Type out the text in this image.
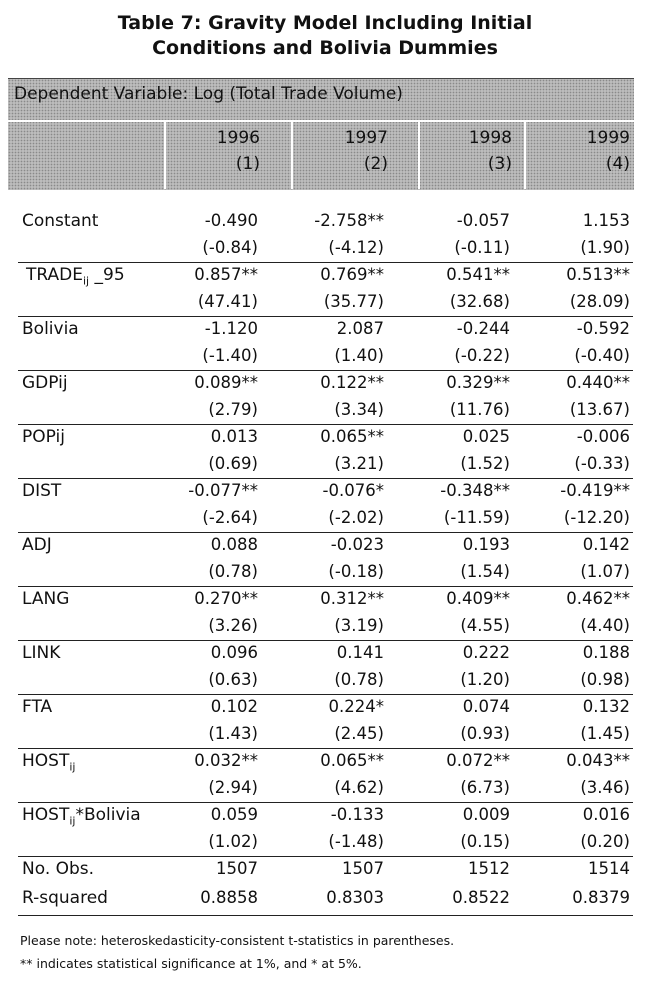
Table 7: Gravity Model Including Initial
Conditions and Bolivia Dummies
Dependent Variable: Log (Total Trade Volume)
Please note: heteroskedasticity-consistent t-statistics in parentheses.
** indicates statistical significance at 1%, and * at 5%.
1996	1997	1998	1999
(1)	(2)	(3)	(4)
Constant	-0.490	-2.758**	-0.057	1.153
(-0.84)	(-4.12)	(-0.11)	(1.90)
$TRADE_{ij}$ _95	0.857**	0.769**	0.541**	0.513**
(47.41)	(35.77)	(32.68)	(28.09)
Bolivia	-1.120	2.087	-0.244	-0.592
(-1.40)	(1.40)	(-0.22)	(-0.40)
GDPij	0.089**	0.122**	0.329**	0.440**
(2.79)	(3.34)	(11.76)	(13.67)
POPij	0.013	0.065**	0.025	-0.006
(0.69)	(3.21)	(1.52)	(-0.33)
DIST	-0.077**	-0.076*	-0.348**	-0.419**
(-2.64)	(-2.02)	(-11.59)	(-12.20)
ADJ	0.088	-0.023	0.193	0.142
(0.78)	(-0.18)	(1.54)	(1.07)
LANG	0.270**	0.312**	0.409**	0.462**
(3.26)	(3.19)	(4.55)	(4.40)
LINK	0.096	0.141	0.222	0.188
(0.63)	(0.78)	(1.20)	(0.98)
FTA	0.102	0.224*	0.074	0.132
(1.43)	(2.45)	(0.93)	(1.45)
$HOST_{ij}$	0.032**	0.065**	0.072**	0.043**
(2.94)	(4.62)	(6.73)	(3.46)
$HOST_{ij}*Bolivia$	0.059	-0.133	0.009	0.016
(1.02)	(-1.48)	(0.15)	(0.20)
No. Obs.	1507	1507	1512	1514
R-squared	0.8858	0.8303	0.8522	0.8379
